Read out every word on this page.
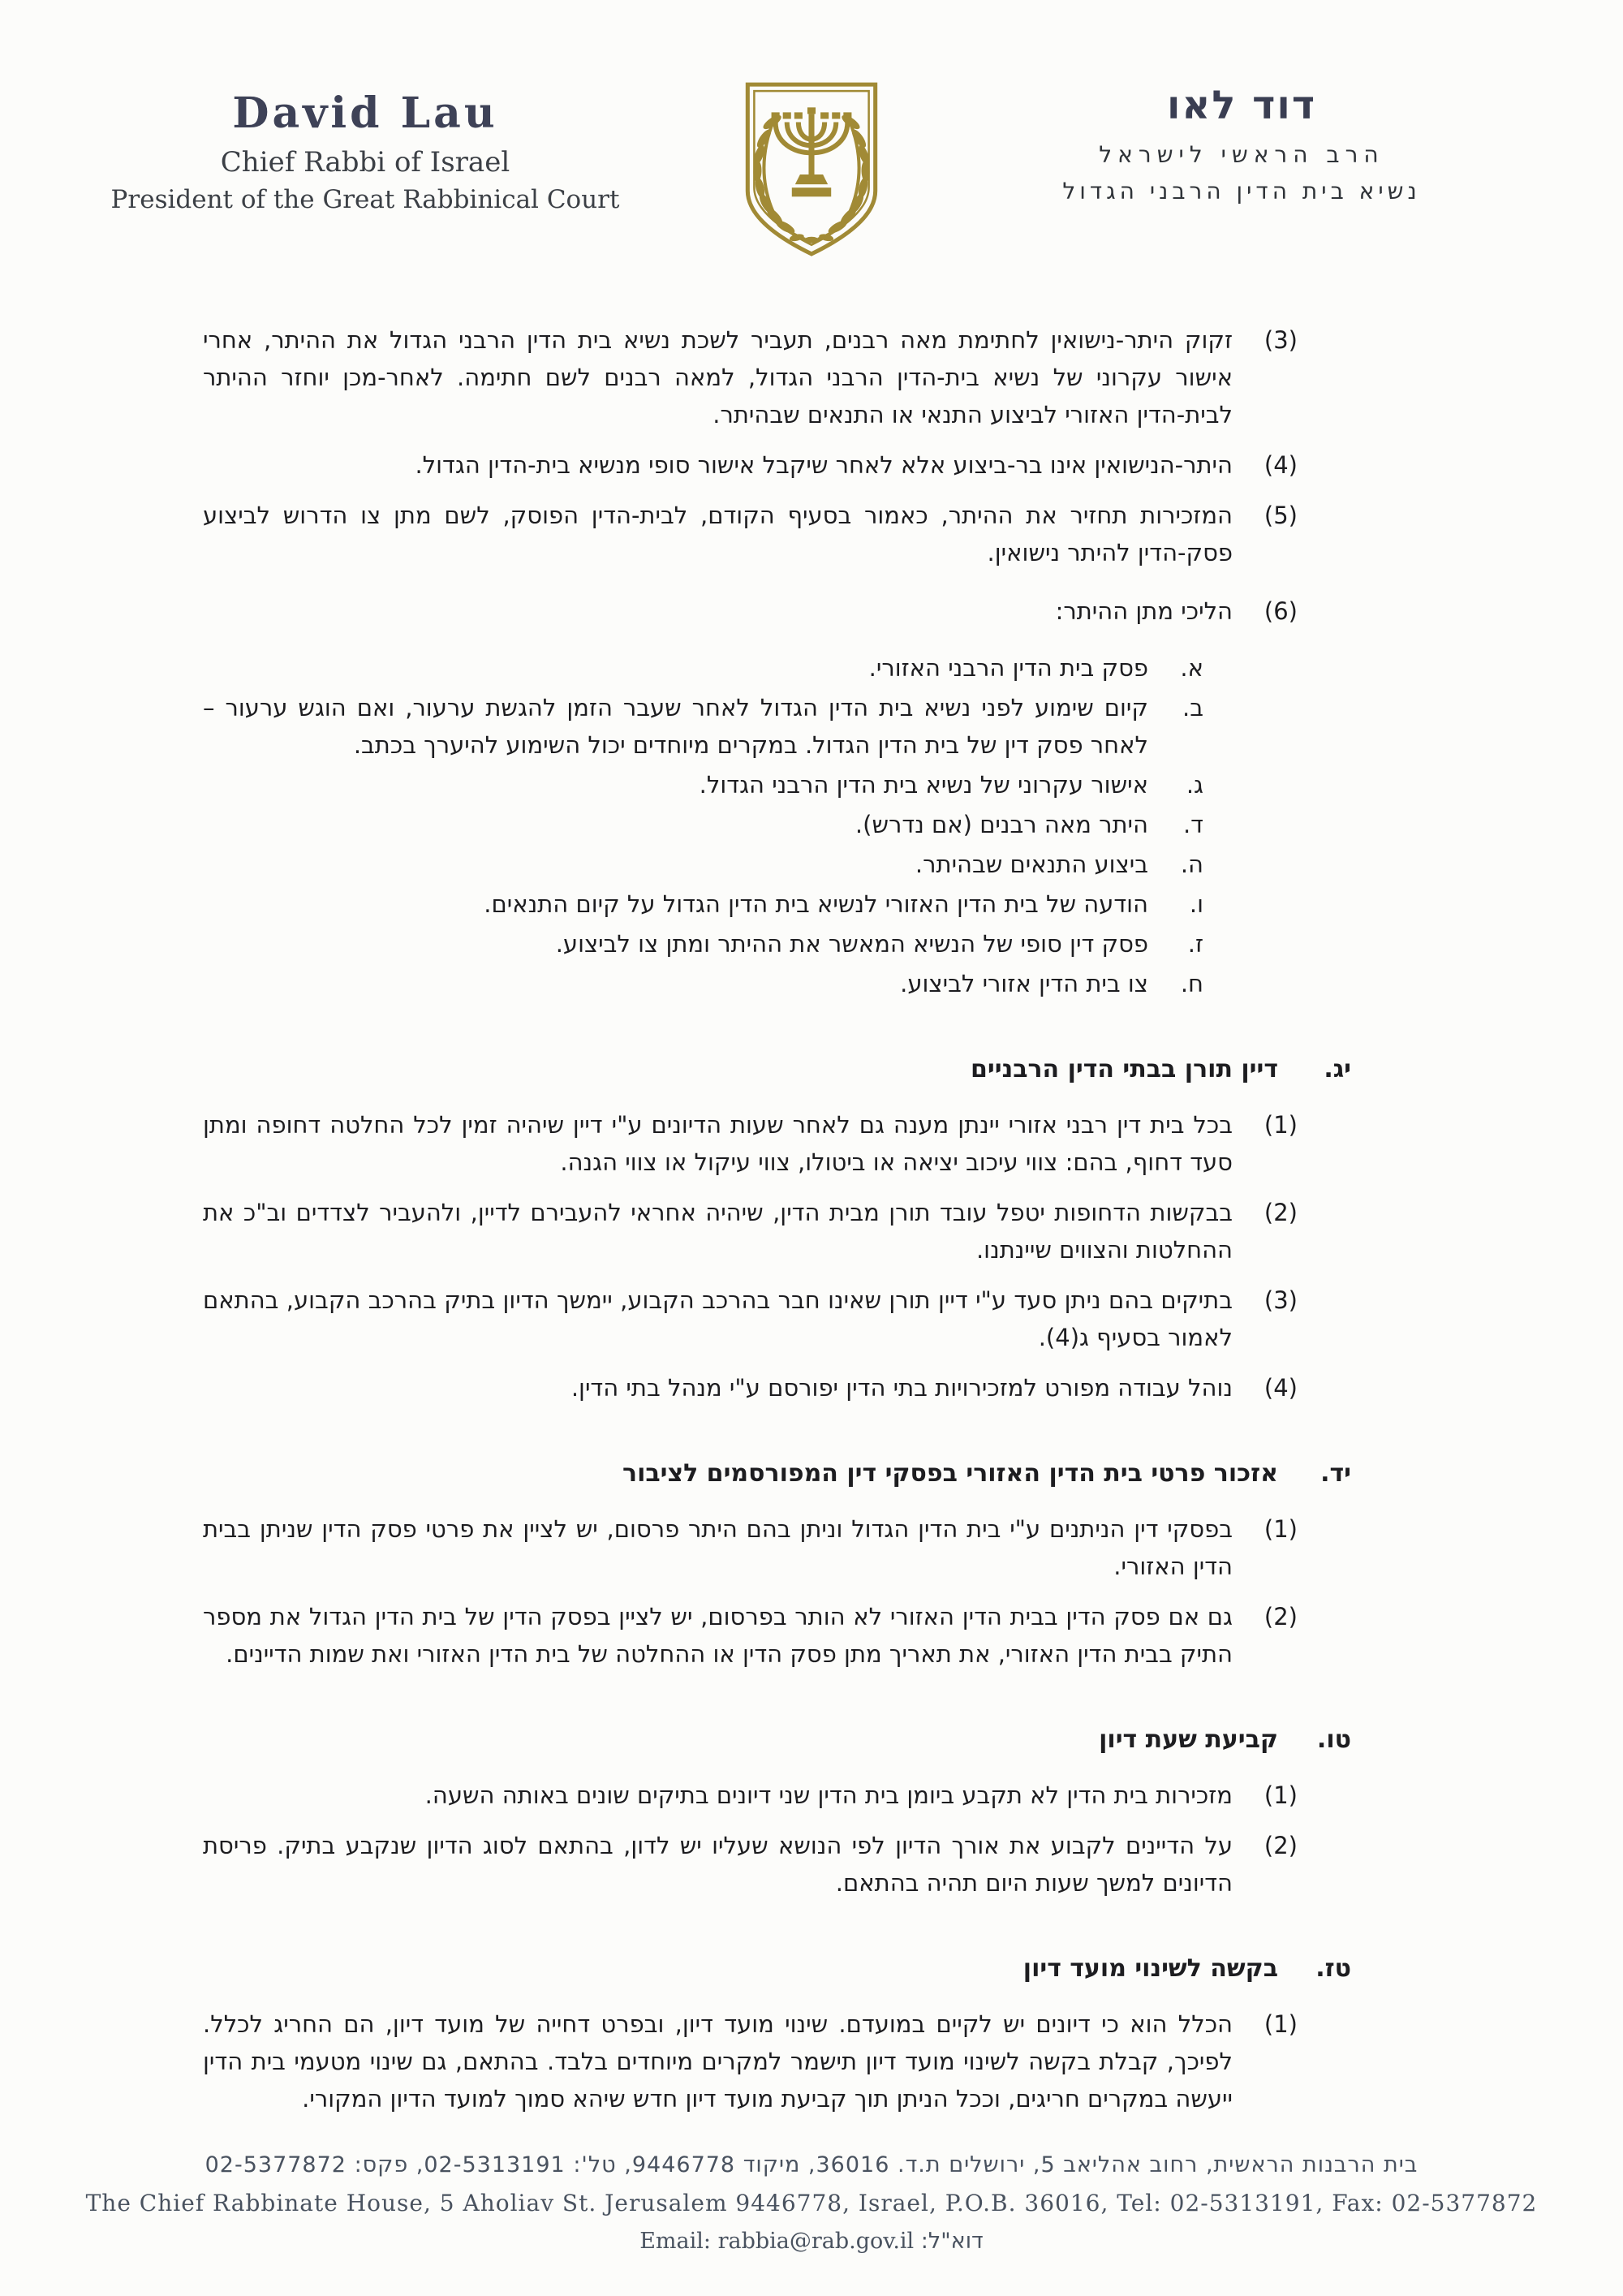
David Lau
Chief Rabbi of Israel
President of the Great Rabbinical Court
דוד לאו
הרב הראשי לישראל
נשיא בית הדין הרבני הגדול
(3)
זקוק היתר-נישואין לחתימת מאה רבנים, תעביר לשכת נשיא בית הדין הרבני הגדול את ההיתר, אחרי אישור עקרוני של נשיא בית-הדין הרבני הגדול, למאה רבנים לשם חתימה. לאחר-מכן יוחזר ההיתר לבית-הדין האזורי לביצוע התנאי או התנאים שבהיתר.
(4)
היתר-הנישואין אינו בר-ביצוע אלא לאחר שיקבל אישור סופי מנשיא בית-הדין הגדול.
(5)
המזכירות תחזיר את ההיתר, כאמור בסעיף הקודם, לבית-הדין הפוסק, לשם מתן צו הדרוש לביצוע פסק-הדין להיתר נישואין.
(6)
הליכי מתן ההיתר:
א.
פסק בית הדין הרבני האזורי.
ב.
קיום שימוע לפני נשיא בית הדין הגדול לאחר שעבר הזמן להגשת ערעור, ואם הוגש ערעור – לאחר פסק דין של בית הדין הגדול. במקרים מיוחדים יכול השימוע להיערך בכתב.
ג.
אישור עקרוני של נשיא בית הדין הרבני הגדול.
ד.
היתר מאה רבנים (אם נדרש).
ה.
ביצוע התנאים שבהיתר.
ו.
הודעה של בית הדין האזורי לנשיא בית הדין הגדול על קיום התנאים.
ז.
פסק דין סופי של הנשיא המאשר את ההיתר ומתן צו לביצוע.
ח.
צו בית הדין אזורי לביצוע.
יג.
דיין תורן בבתי הדין הרבניים
(1)
בכל בית דין רבני אזורי יינתן מענה גם לאחר שעות הדיונים ע"י דיין שיהיה זמין לכל החלטה דחופה ומתן סעד דחוף, בהם: צווי עיכוב יציאה או ביטולו, צווי עיקול או צווי הגנה.
(2)
בבקשות הדחופות יטפל עובד תורן מבית הדין, שיהיה אחראי להעבירם לדיין, ולהעביר לצדדים וב"כ את ההחלטות והצווים שיינתנו.
(3)
בתיקים בהם ניתן סעד ע"י דיין תורן שאינו חבר בהרכב הקבוע, יימשך הדיון בתיק בהרכב הקבוע, בהתאם לאמור בסעיף ג(4).
(4)
נוהל עבודה מפורט למזכירויות בתי הדין יפורסם ע"י מנהל בתי הדין.
יד.
אזכור פרטי בית הדין האזורי בפסקי דין המפורסמים לציבור
(1)
בפסקי דין הניתנים ע"י בית הדין הגדול וניתן בהם היתר פרסום, יש לציין את פרטי פסק הדין שניתן בבית הדין האזורי.
(2)
גם אם פסק הדין בבית הדין האזורי לא הותר בפרסום, יש לציין בפסק הדין של בית הדין הגדול את מספר התיק בבית הדין האזורי, את תאריך מתן פסק הדין או ההחלטה של בית הדין האזורי ואת שמות הדיינים.
טו.
קביעת שעת דיון
(1)
מזכירות בית הדין לא תקבע ביומן בית הדין שני דיונים בתיקים שונים באותה השעה.
(2)
על הדיינים לקבוע את אורך הדיון לפי הנושא שעליו יש לדון, בהתאם לסוג הדיון שנקבע בתיק. פריסת הדיונים למשך שעות היום תהיה בהתאם.
טז.
בקשה לשינוי מועד דיון
(1)
הכלל הוא כי דיונים יש לקיים במועדם. שינוי מועד דיון, ובפרט דחייה של מועד דיון, הם החריג לכלל. לפיכך, קבלת בקשה לשינוי מועד דיון תישמר למקרים מיוחדים בלבד. בהתאם, גם שינוי מטעמי בית הדין ייעשה במקרים חריגים, וככל הניתן תוך קביעת מועד דיון חדש שיהא סמוך למועד הדיון המקורי.
בית הרבנות הראשית, רחוב אהליאב 5, ירושלים ת.ד. 36016, מיקוד 9446778, טל': 02-5313191, פקס: 02-5377872
The Chief Rabbinate House, 5 Aholiav St. Jerusalem 9446778, Israel, P.O.B. 36016, Tel: 02-5313191, Fax: 02-5377872
דוא"ל: Email: rabbia@rab.gov.il
